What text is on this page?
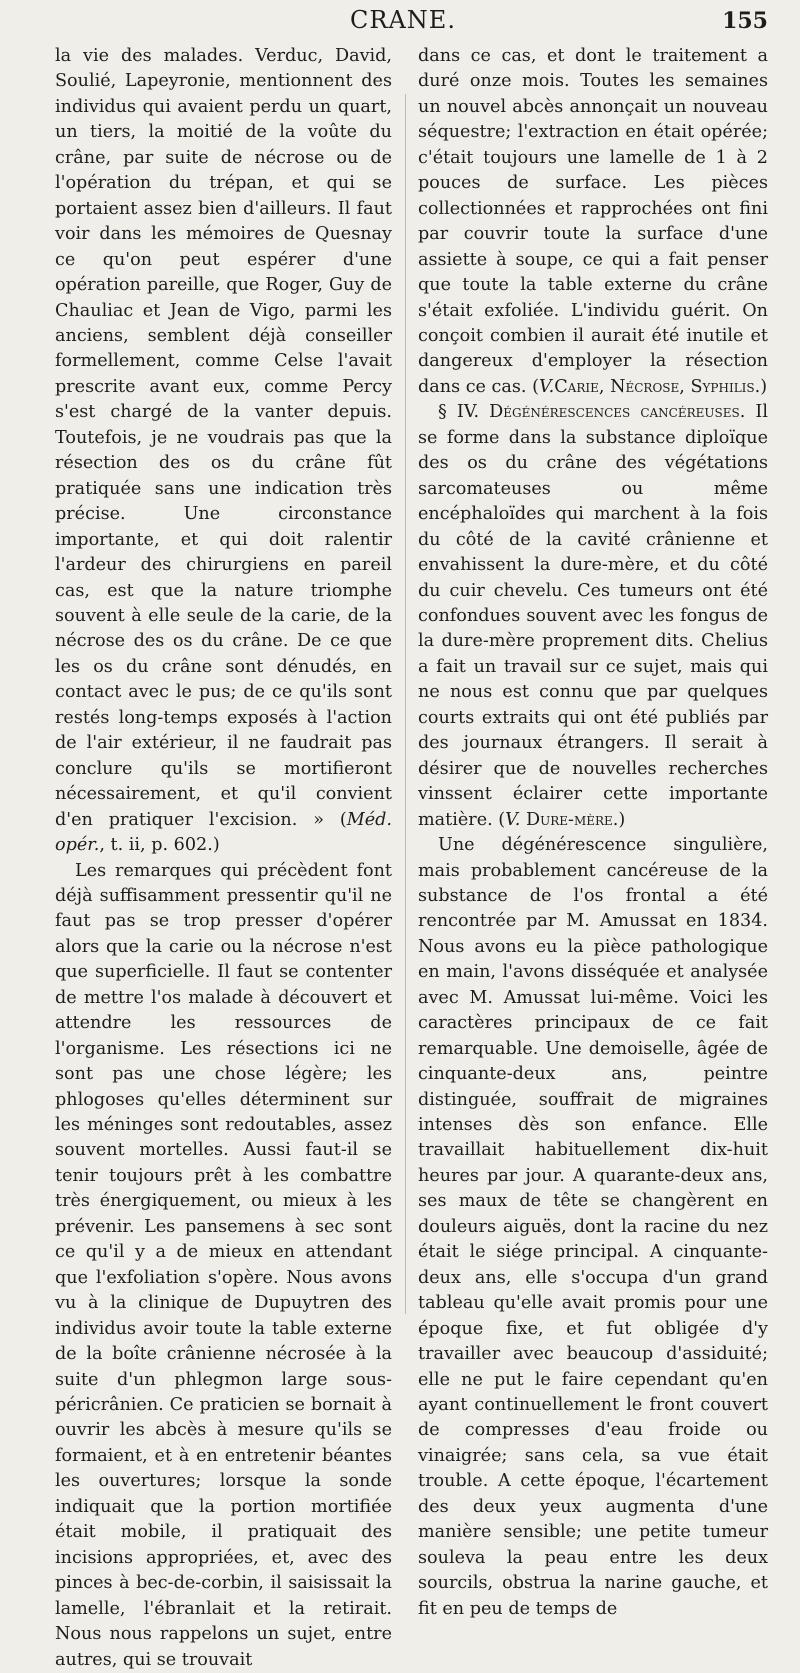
CRANE.	155

la vie des malades. Verduc, David, Soulié, Lapeyronie, mentionnent des individus qui avaient perdu un quart, un tiers, la moitié de la voûte du crâne, par suite de nécrose ou de l'opération du trépan, et qui se portaient assez bien d'ailleurs. Il faut voir dans les mémoires de Quesnay ce qu'on peut espérer d'une opération pareille, que Roger, Guy de Chauliac et Jean de Vigo, parmi les anciens, semblent déjà conseiller formellement, comme Celse l'avait prescrite avant eux, comme Percy s'est chargé de la vanter depuis. Toutefois, je ne voudrais pas que la résection des os du crâne fût pratiquée sans une indication très précise. Une circonstance importante, et qui doit ralentir l'ardeur des chirurgiens en pareil cas, est que la nature triomphe souvent à elle seule de la carie, de la nécrose des os du crâne. De ce que les os du crâne sont dénudés, en contact avec le pus; de ce qu'ils sont restés long-temps exposés à l'action de l'air extérieur, il ne faudrait pas conclure qu'ils se mortifieront nécessairement, et qu'il convient d'en pratiquer l'excision. » (Méd. opér., t. ii, p. 602.)

Les remarques qui précèdent font déjà suffisamment pressentir qu'il ne faut pas se trop presser d'opérer alors que la carie ou la nécrose n'est que superficielle. Il faut se contenter de mettre l'os malade à découvert et attendre les ressources de l'organisme. Les résections ici ne sont pas une chose légère; les phlogoses qu'elles déterminent sur les méninges sont redoutables, assez souvent mortelles. Aussi faut-il se tenir toujours prêt à les combattre très énergiquement, ou mieux à les prévenir. Les pansemens à sec sont ce qu'il y a de mieux en attendant que l'exfoliation s'opère. Nous avons vu à la clinique de Dupuytren des individus avoir toute la table externe de la boîte crânienne nécrosée à la suite d'un phlegmon large sous-péricrânien. Ce praticien se bornait à ouvrir les abcès à mesure qu'ils se formaient, et à en entretenir béantes les ouvertures; lorsque la sonde indiquait que la portion mortifiée était mobile, il pratiquait des incisions appropriées, et, avec des pinces à bec-de-corbin, il saisissait la lamelle, l'ébranlait et la retirait. Nous nous rappelons un sujet, entre autres, qui se trouvait

dans ce cas, et dont le traitement a duré onze mois. Toutes les semaines un nouvel abcès annonçait un nouveau séquestre; l'extraction en était opérée; c'était toujours une lamelle de 1 à 2 pouces de surface. Les pièces collectionnées et rapprochées ont fini par couvrir toute la surface d'une assiette à soupe, ce qui a fait penser que toute la table externe du crâne s'était exfoliée. L'individu guérit. On conçoit combien il aurait été inutile et dangereux d'employer la résection dans ce cas. (V.Carie, Nécrose, Syphilis.)

§ IV. Dégénérescences cancéreuses. Il se forme dans la substance diploïque des os du crâne des végétations sarcomateuses ou même encéphaloïdes qui marchent à la fois du côté de la cavité crânienne et envahissent la dure-mère, et du côté du cuir chevelu. Ces tumeurs ont été confondues souvent avec les fongus de la dure-mère proprement dits. Chelius a fait un travail sur ce sujet, mais qui ne nous est connu que par quelques courts extraits qui ont été publiés par des journaux étrangers. Il serait à désirer que de nouvelles recherches vinssent éclairer cette importante matière. (V. Dure-mère.)

Une dégénérescence singulière, mais probablement cancéreuse de la substance de l'os frontal a été rencontrée par M. Amussat en 1834. Nous avons eu la pièce pathologique en main, l'avons disséquée et analysée avec M. Amussat lui-même. Voici les caractères principaux de ce fait remarquable. Une demoiselle, âgée de cinquante-deux ans, peintre distinguée, souffrait de migraines intenses dès son enfance. Elle travaillait habituellement dix-huit heures par jour. A quarante-deux ans, ses maux de tête se changèrent en douleurs aiguës, dont la racine du nez était le siége principal. A cinquante-deux ans, elle s'occupa d'un grand tableau qu'elle avait promis pour une époque fixe, et fut obligée d'y travailler avec beaucoup d'assiduité; elle ne put le faire cependant qu'en ayant continuellement le front couvert de compresses d'eau froide ou vinaigrée; sans cela, sa vue était trouble. A cette époque, l'écartement des deux yeux augmenta d'une manière sensible; une petite tumeur souleva la peau entre les deux sourcils, obstrua la narine gauche, et fit en peu de temps de
